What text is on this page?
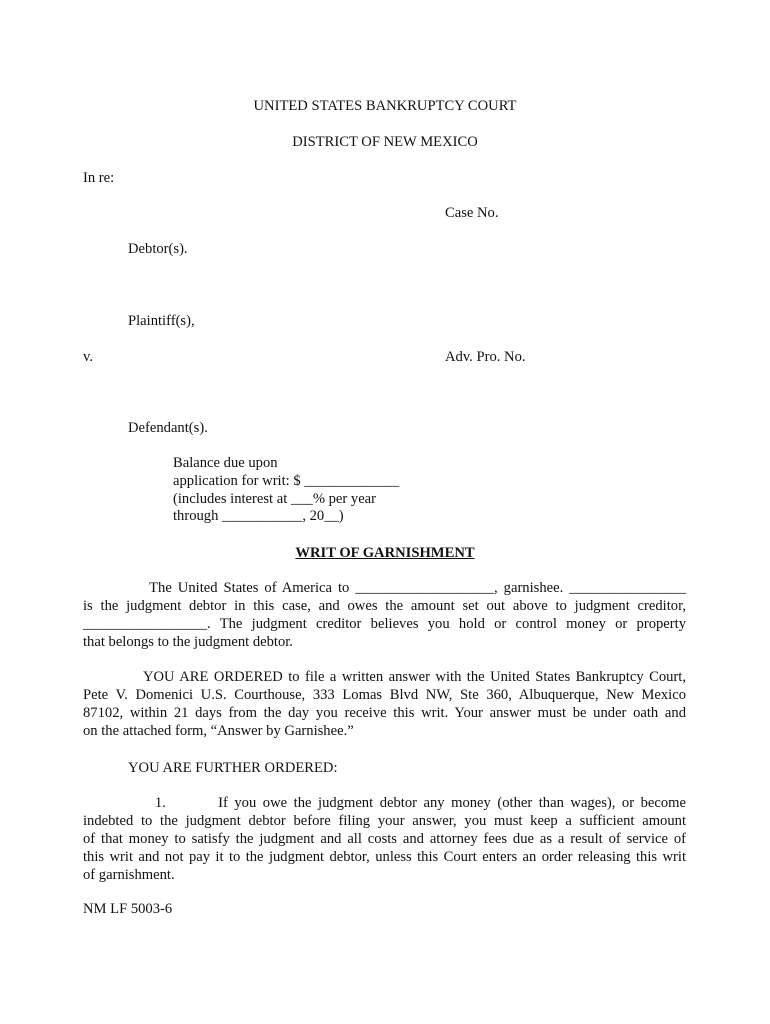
UNITED STATES BANKRUPTCY COURT
DISTRICT OF NEW MEXICO
In re:
Case No.
Debtor(s).
Plaintiff(s),
v.	Adv. Pro. No.
Defendant(s).
Balance due upon
application for writ: $ _____________
(includes interest at ___% per year
through ___________, 20__)
WRIT OF GARNISHMENT
The United States of America to ___________________, garnishee. ________________
is the judgment debtor in this case, and owes the amount set out above to judgment creditor,
_________________. The judgment creditor believes you hold or control money or property
that belongs to the judgment debtor.
YOU ARE ORDERED to file a written answer with the United States Bankruptcy Court,
Pete V. Domenici U.S. Courthouse, 333 Lomas Blvd NW, Ste 360, Albuquerque, New Mexico
87102, within 21 days from the day you receive this writ. Your answer must be under oath and
on the attached form, “Answer by Garnishee.”
YOU ARE FURTHER ORDERED:
1.        If you owe the judgment debtor any money (other than wages), or become
indebted to the judgment debtor before filing your answer, you must keep a sufficient amount
of that money to satisfy the judgment and all costs and attorney fees due as a result of service of
this writ and not pay it to the judgment debtor, unless this Court enters an order releasing this writ
of garnishment.
NM LF 5003-6
